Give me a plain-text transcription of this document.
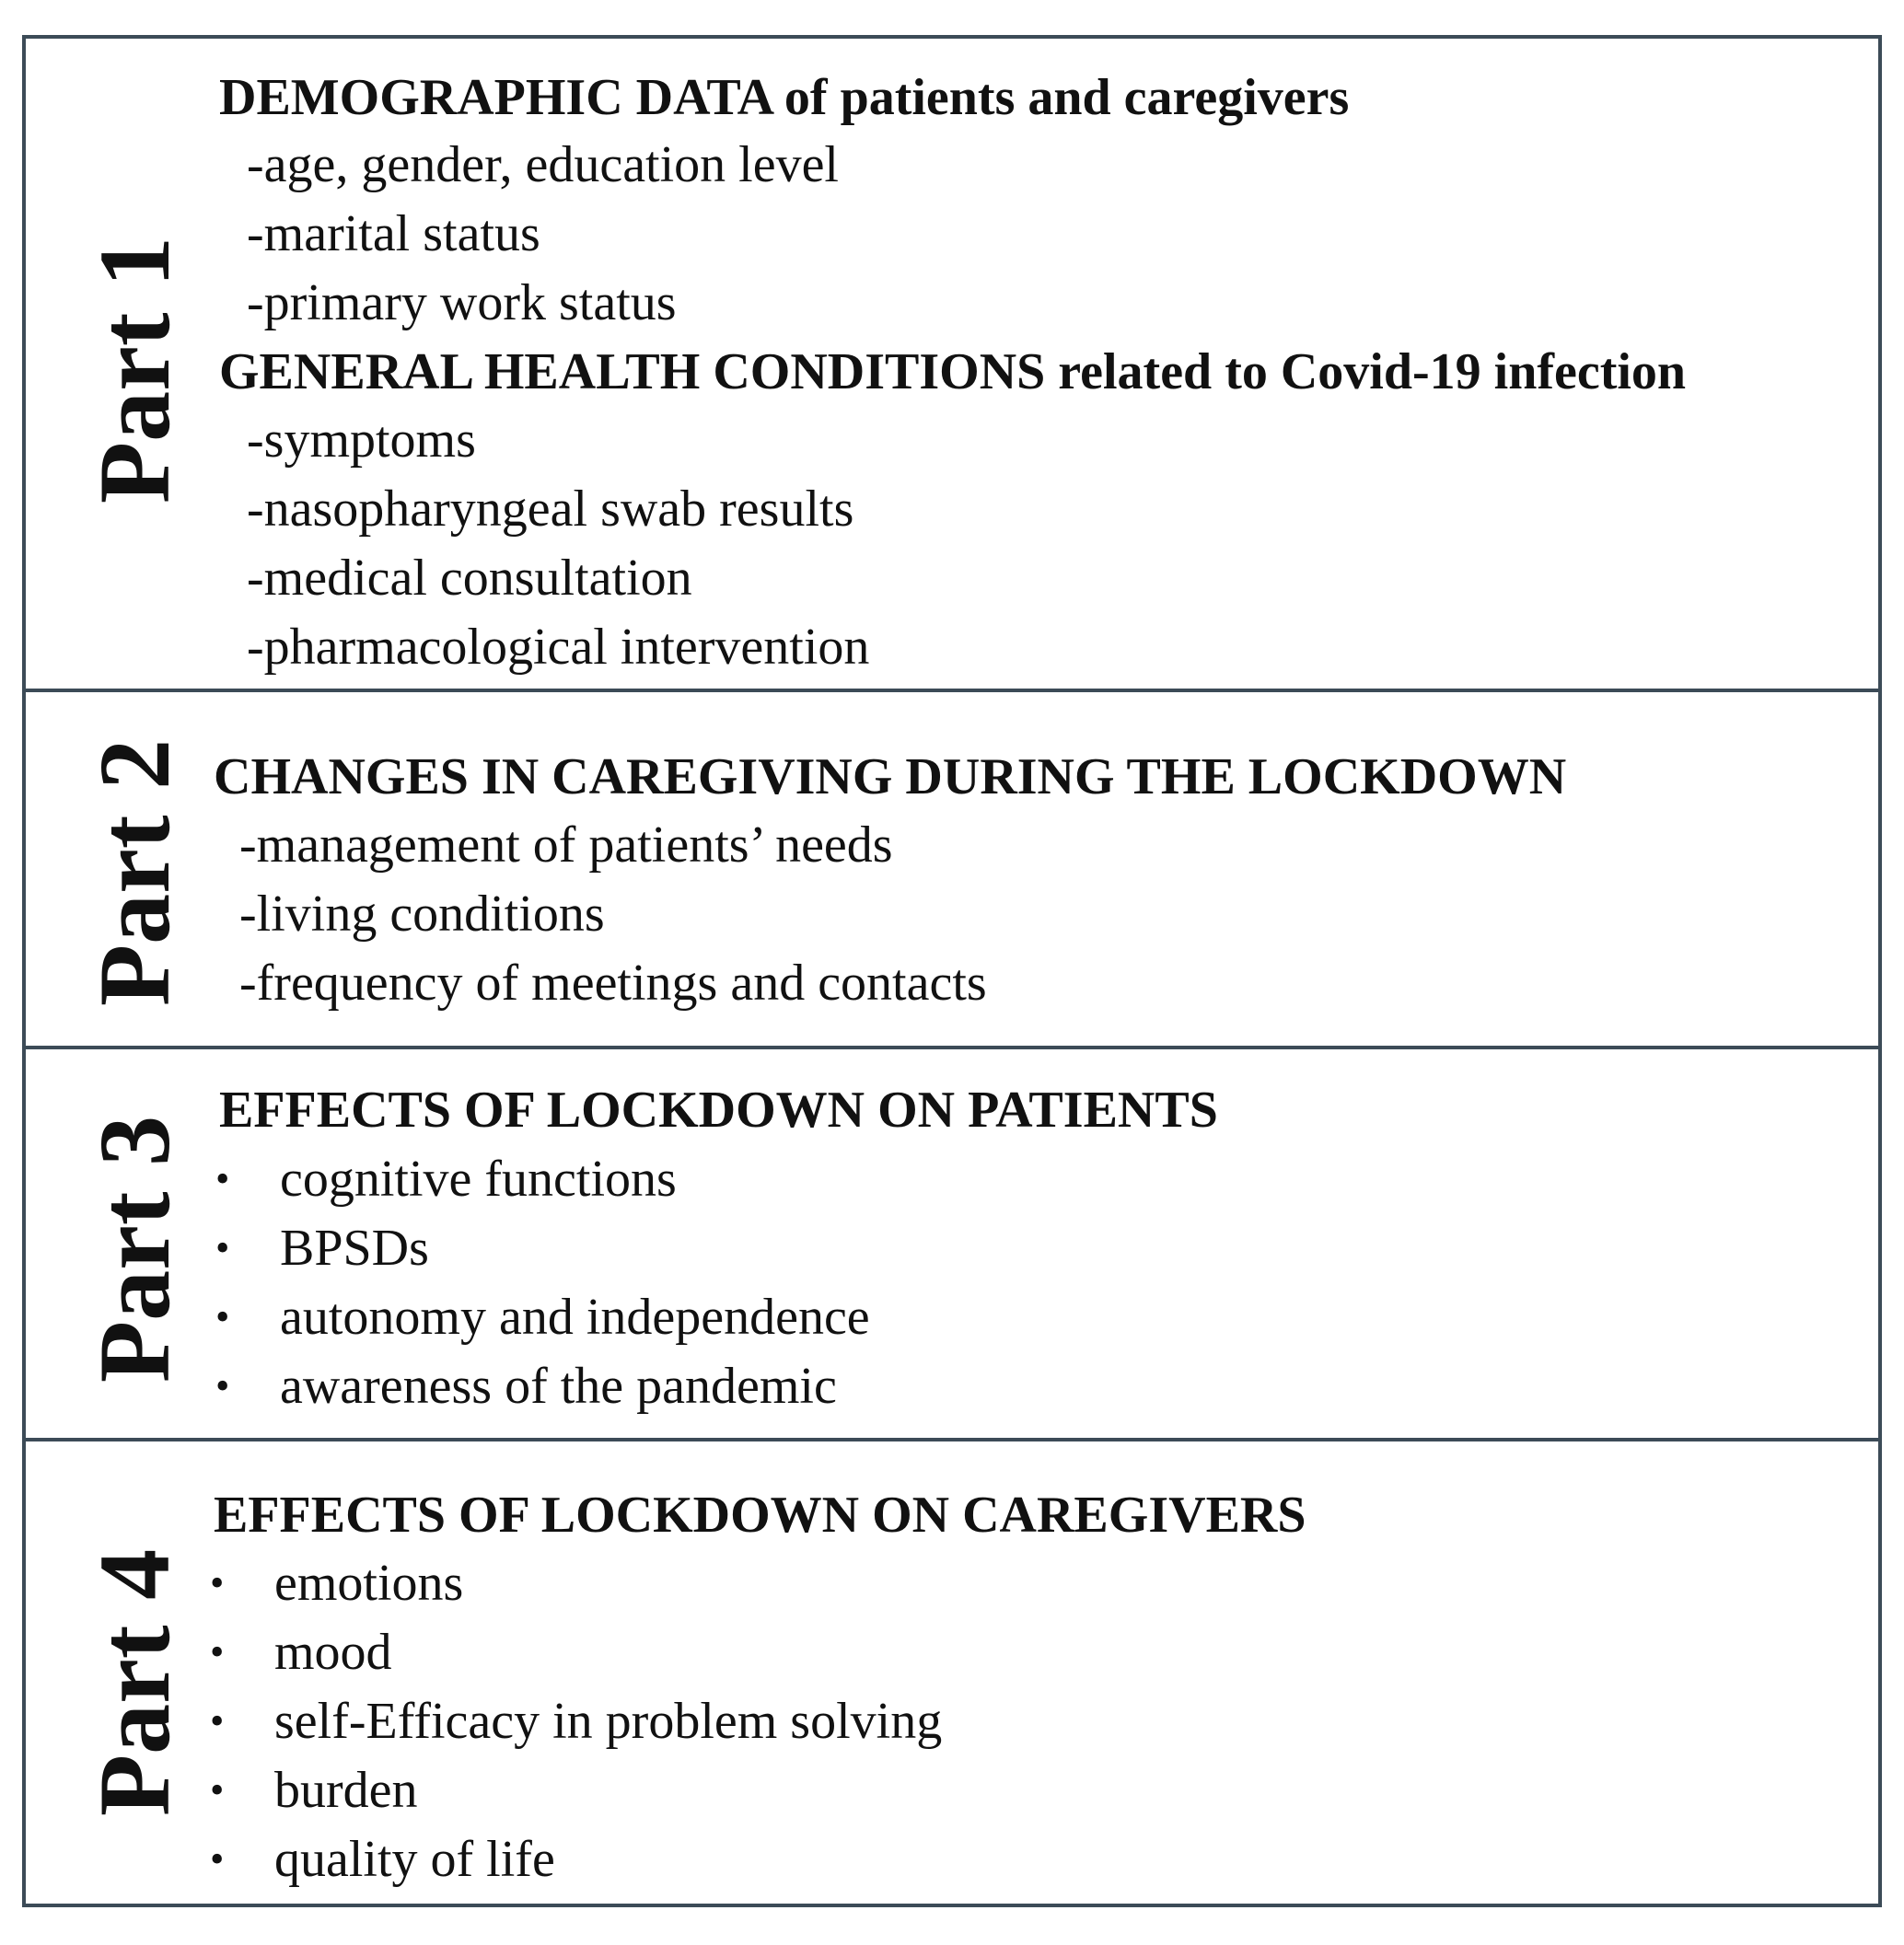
Part 1
DEMOGRAPHIC DATA of patients and caregivers
-age, gender, education level
-marital status
-primary work status
GENERAL HEALTH CONDITIONS related to Covid-19 infection
-symptoms
-nasopharyngeal swab results
-medical consultation
-pharmacological intervention
Part 2 CHANGES IN CAREGIVING DURING THE LOCKDOWN
-management of patients’ needs
-living conditions
-frequency of meetings and contacts
Part 3
EFFECTS OF LOCKDOWN ON PATIENTS
• cognitive functions
• BPSDs
• autonomy and independence
• awareness of the pandemic
Part 4
EFFECTS OF LOCKDOWN ON CAREGIVERS
• emotions
• mood
• self-Efficacy in problem solving
• burden
• quality of life
